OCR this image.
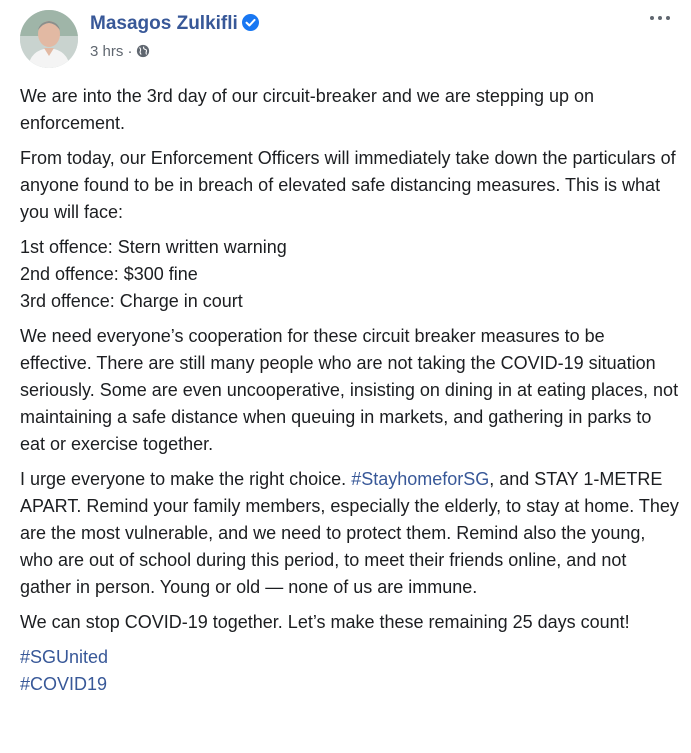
Masagos Zulkifli
3 hrs ·

We are into the 3rd day of our circuit-breaker and we are stepping up on enforcement.

From today, our Enforcement Officers will immediately take down the particulars of anyone found to be in breach of elevated safe distancing measures. This is what you will face:

1st offence: Stern written warning
2nd offence: $300 fine
3rd offence: Charge in court

We need everyone’s cooperation for these circuit breaker measures to be effective. There are still many people who are not taking the COVID-19 situation seriously. Some are even uncooperative, insisting on dining in at eating places, not maintaining a safe distance when queuing in markets, and gathering in parks to eat or exercise together.

I urge everyone to make the right choice. #StayhomeforSG, and STAY 1-METRE APART. Remind your family members, especially the elderly, to stay at home. They are the most vulnerable, and we need to protect them. Remind also the young, who are out of school during this period, to meet their friends online, and not gather in person. Young or old — none of us are immune.

We can stop COVID-19 together. Let’s make these remaining 25 days count!

#SGUnited
#COVID19
